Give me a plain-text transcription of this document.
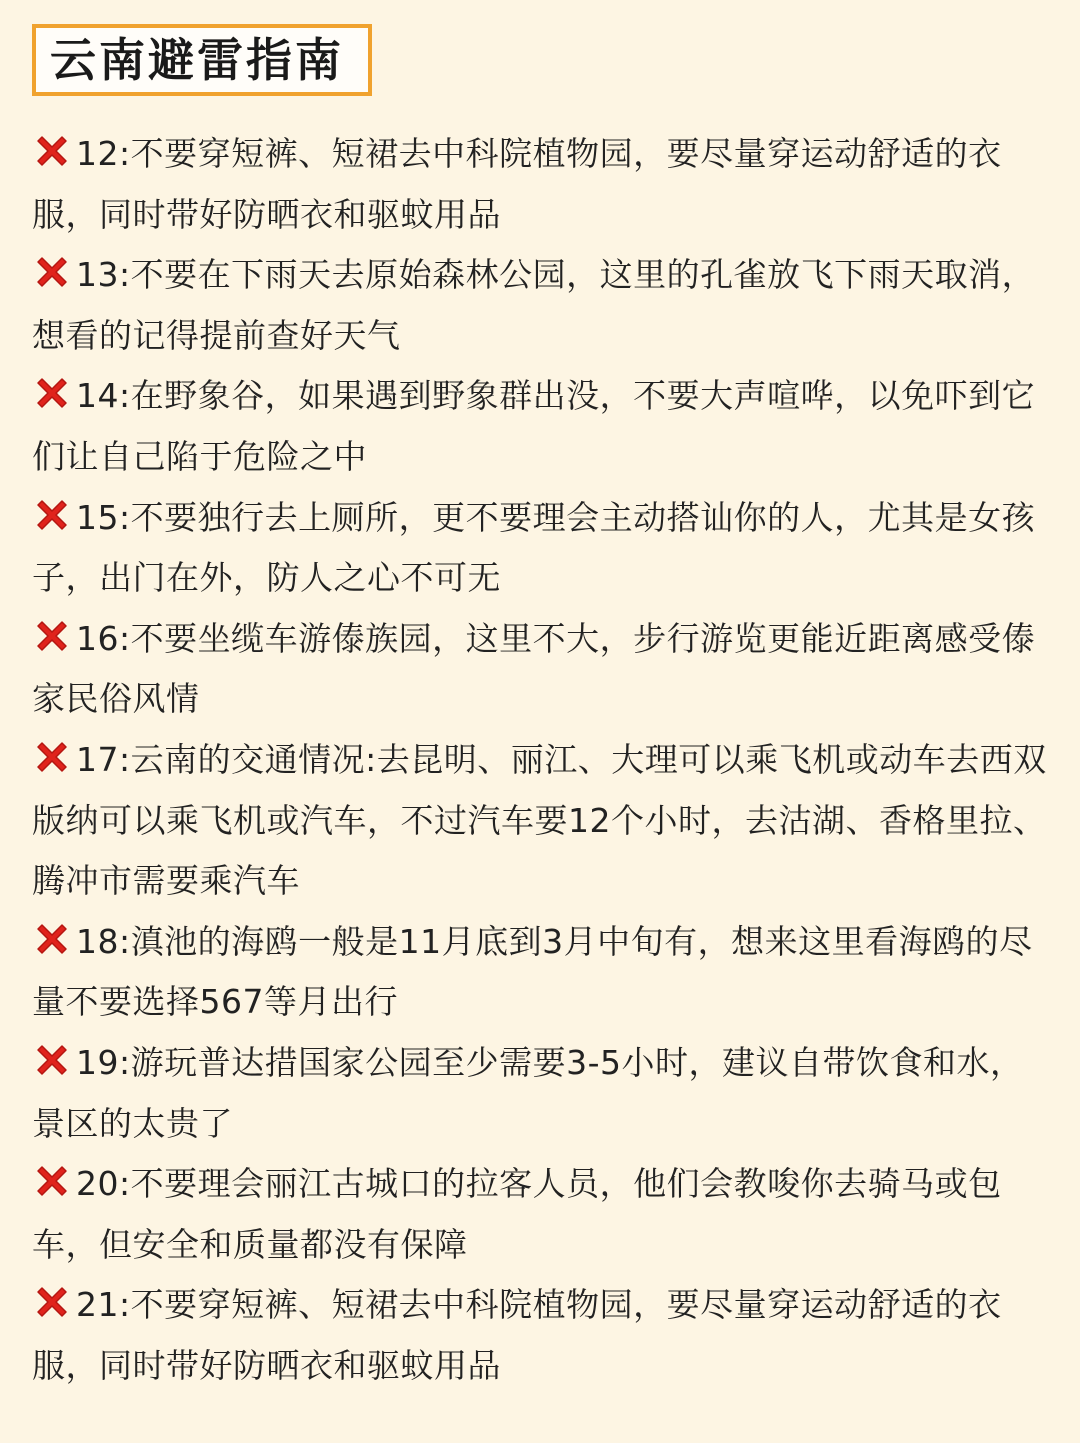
云南避雷指南

12:不要穿短裤、短裙去中科院植物园，要尽量穿运动舒适的衣服，同时带好防晒衣和驱蚊用品

13:不要在下雨天去原始森林公园，这里的孔雀放飞下雨天取消，想看的记得提前查好天气

14:在野象谷，如果遇到野象群出没，不要大声喧哗，以免吓到它们让自己陷于危险之中

15:不要独行去上厕所，更不要理会主动搭讪你的人，尤其是女孩子，出门在外，防人之心不可无

16:不要坐缆车游傣族园，这里不大，步行游览更能近距离感受傣家民俗风情

17:云南的交通情况:去昆明、丽江、大理可以乘飞机或动车去西双版纳可以乘飞机或汽车，不过汽车要12个小时，去沽湖、香格里拉、腾冲市需要乘汽车

18:滇池的海鸥一般是11月底到3月中旬有，想来这里看海鸥的尽量不要选择567等月出行

19:游玩普达措国家公园至少需要3-5小时，建议自带饮食和水，景区的太贵了

20:不要理会丽江古城口的拉客人员，他们会教唆你去骑马或包车，但安全和质量都没有保障

21:不要穿短裤、短裙去中科院植物园，要尽量穿运动舒适的衣服，同时带好防晒衣和驱蚊用品
